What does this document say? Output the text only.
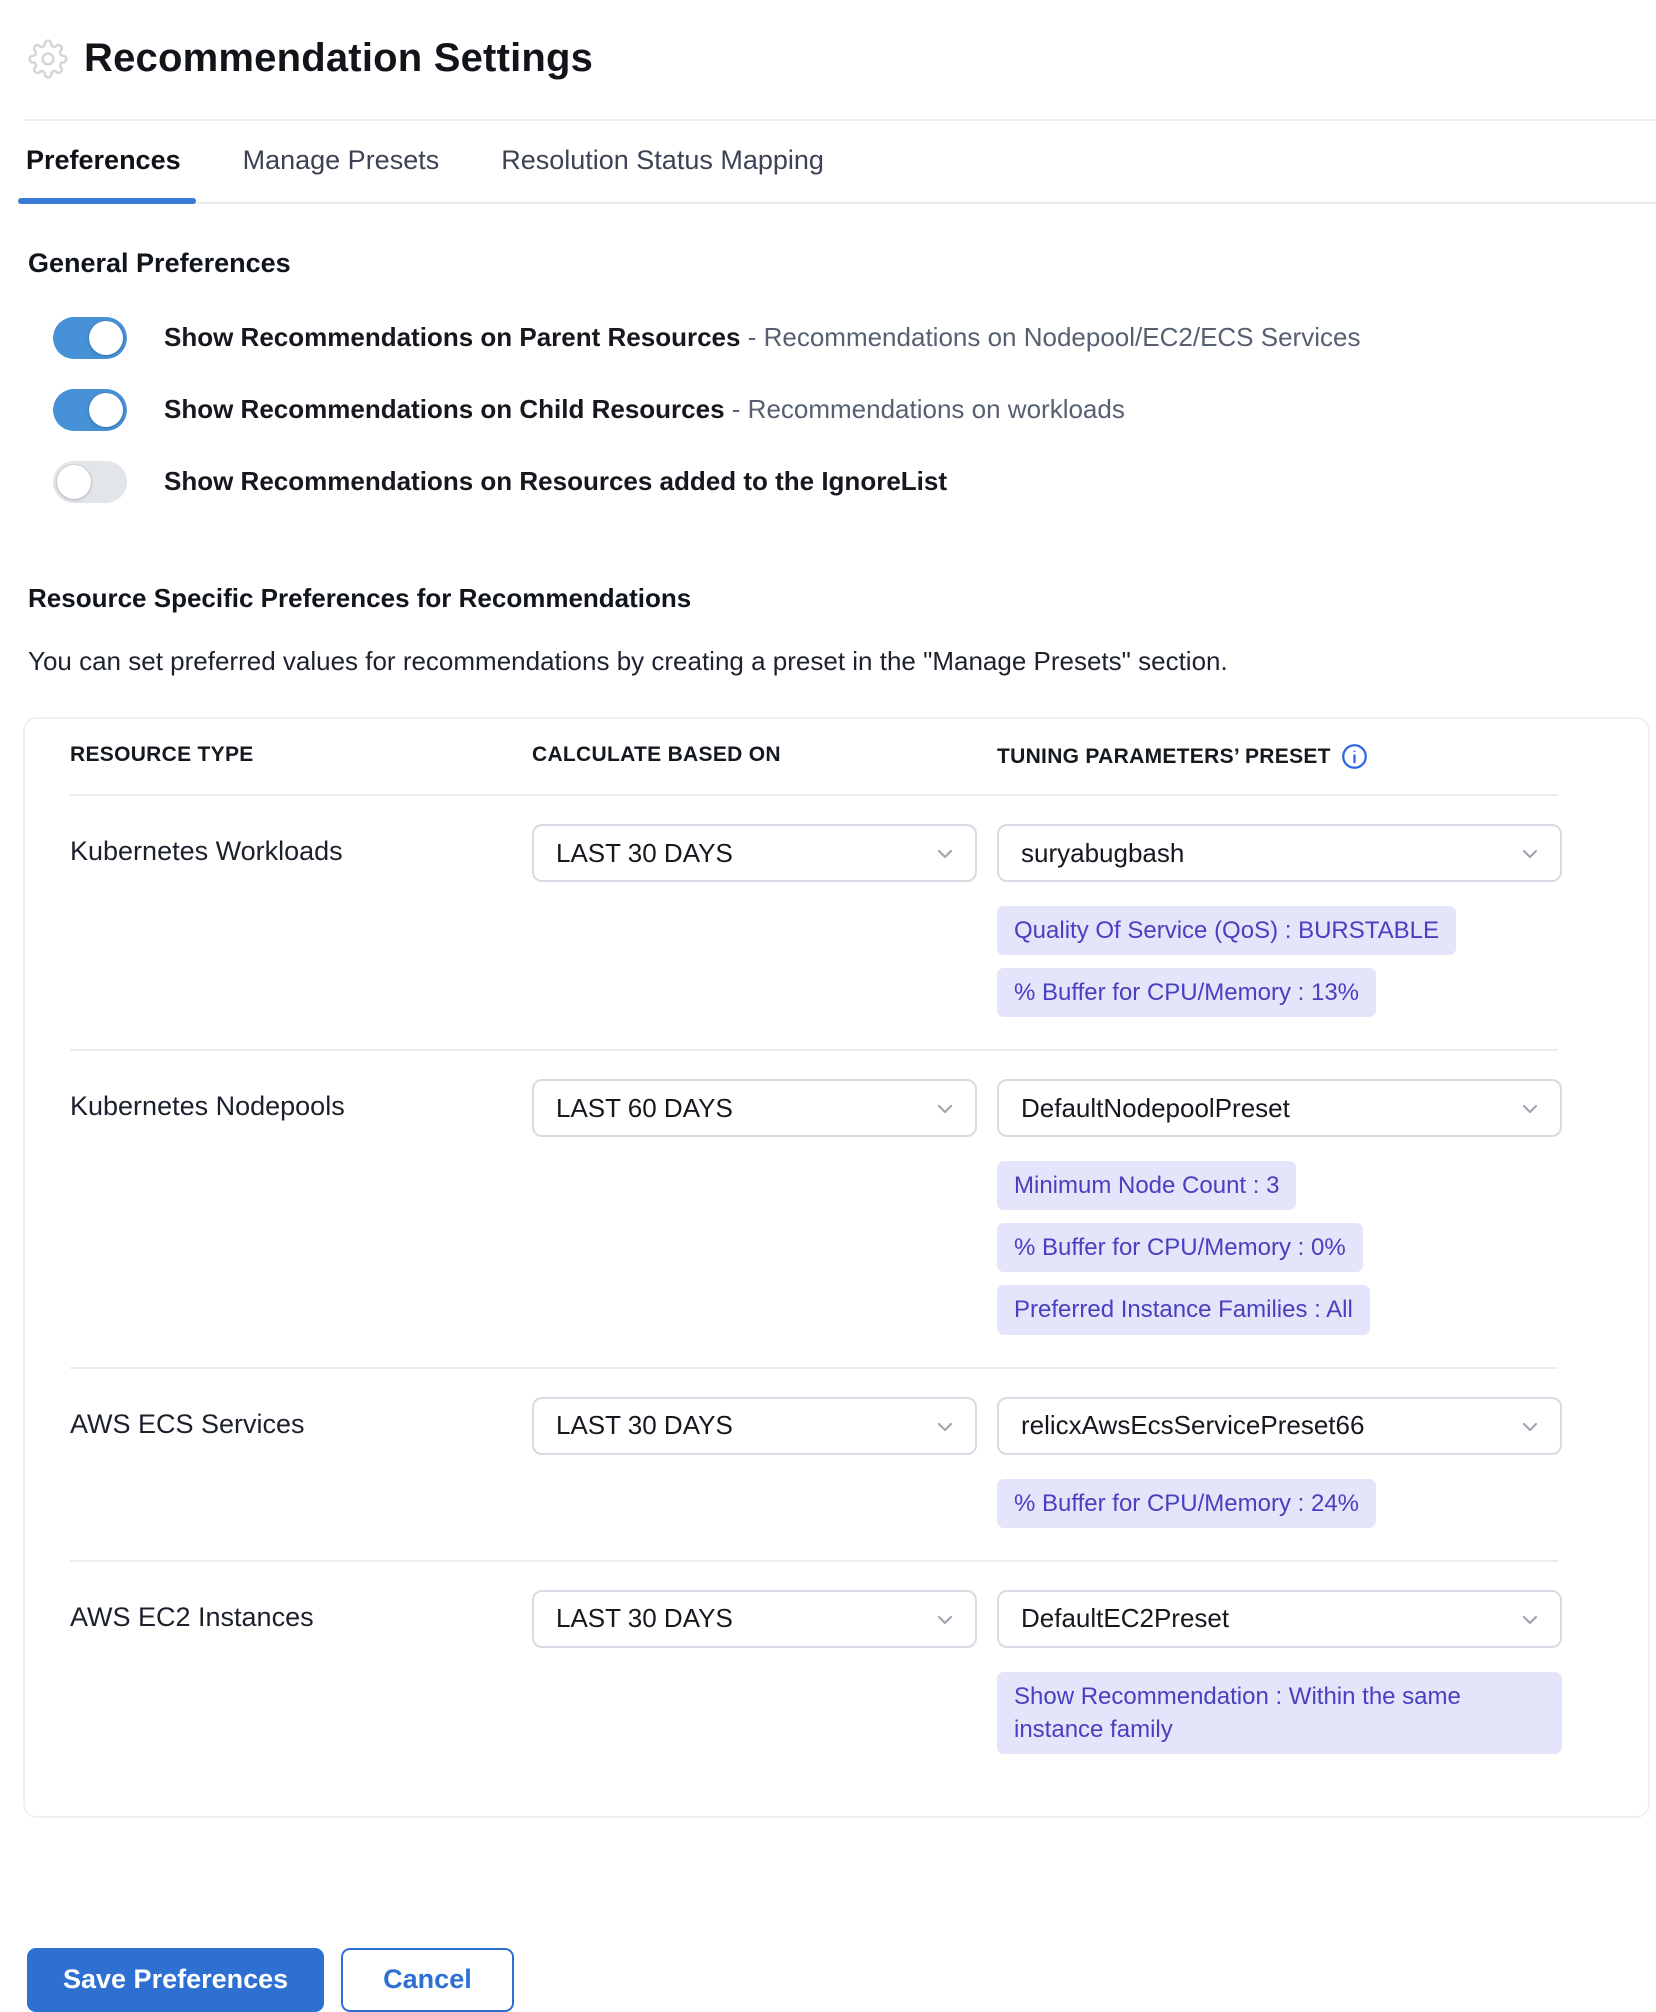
Recommendation Settings
Preferences Manage Presets Resolution Status Mapping
General Preferences
Show Recommendations on Parent Resources - Recommendations on Nodepool/EC2/ECS Services
Show Recommendations on Child Resources - Recommendations on workloads
Show Recommendations on Resources added to the IgnoreList
Resource Specific Preferences for Recommendations
You can set preferred values for recommendations by creating a preset in the "Manage Presets" section.
RESOURCE TYPE	CALCULATE BASED ON	TUNING PARAMETERS’ PRESET
Kubernetes Workloads	LAST 30 DAYS	suryabugbash
Quality Of Service (QoS) : BURSTABLE
% Buffer for CPU/Memory : 13%
Kubernetes Nodepools	LAST 60 DAYS	DefaultNodepoolPreset
Minimum Node Count : 3
% Buffer for CPU/Memory : 0%
Preferred Instance Families : All
AWS ECS Services	LAST 30 DAYS	relicxAwsEcsServicePreset66
% Buffer for CPU/Memory : 24%
AWS EC2 Instances	LAST 30 DAYS	DefaultEC2Preset
Show Recommendation : Within the same instance family
Save Preferences	Cancel
